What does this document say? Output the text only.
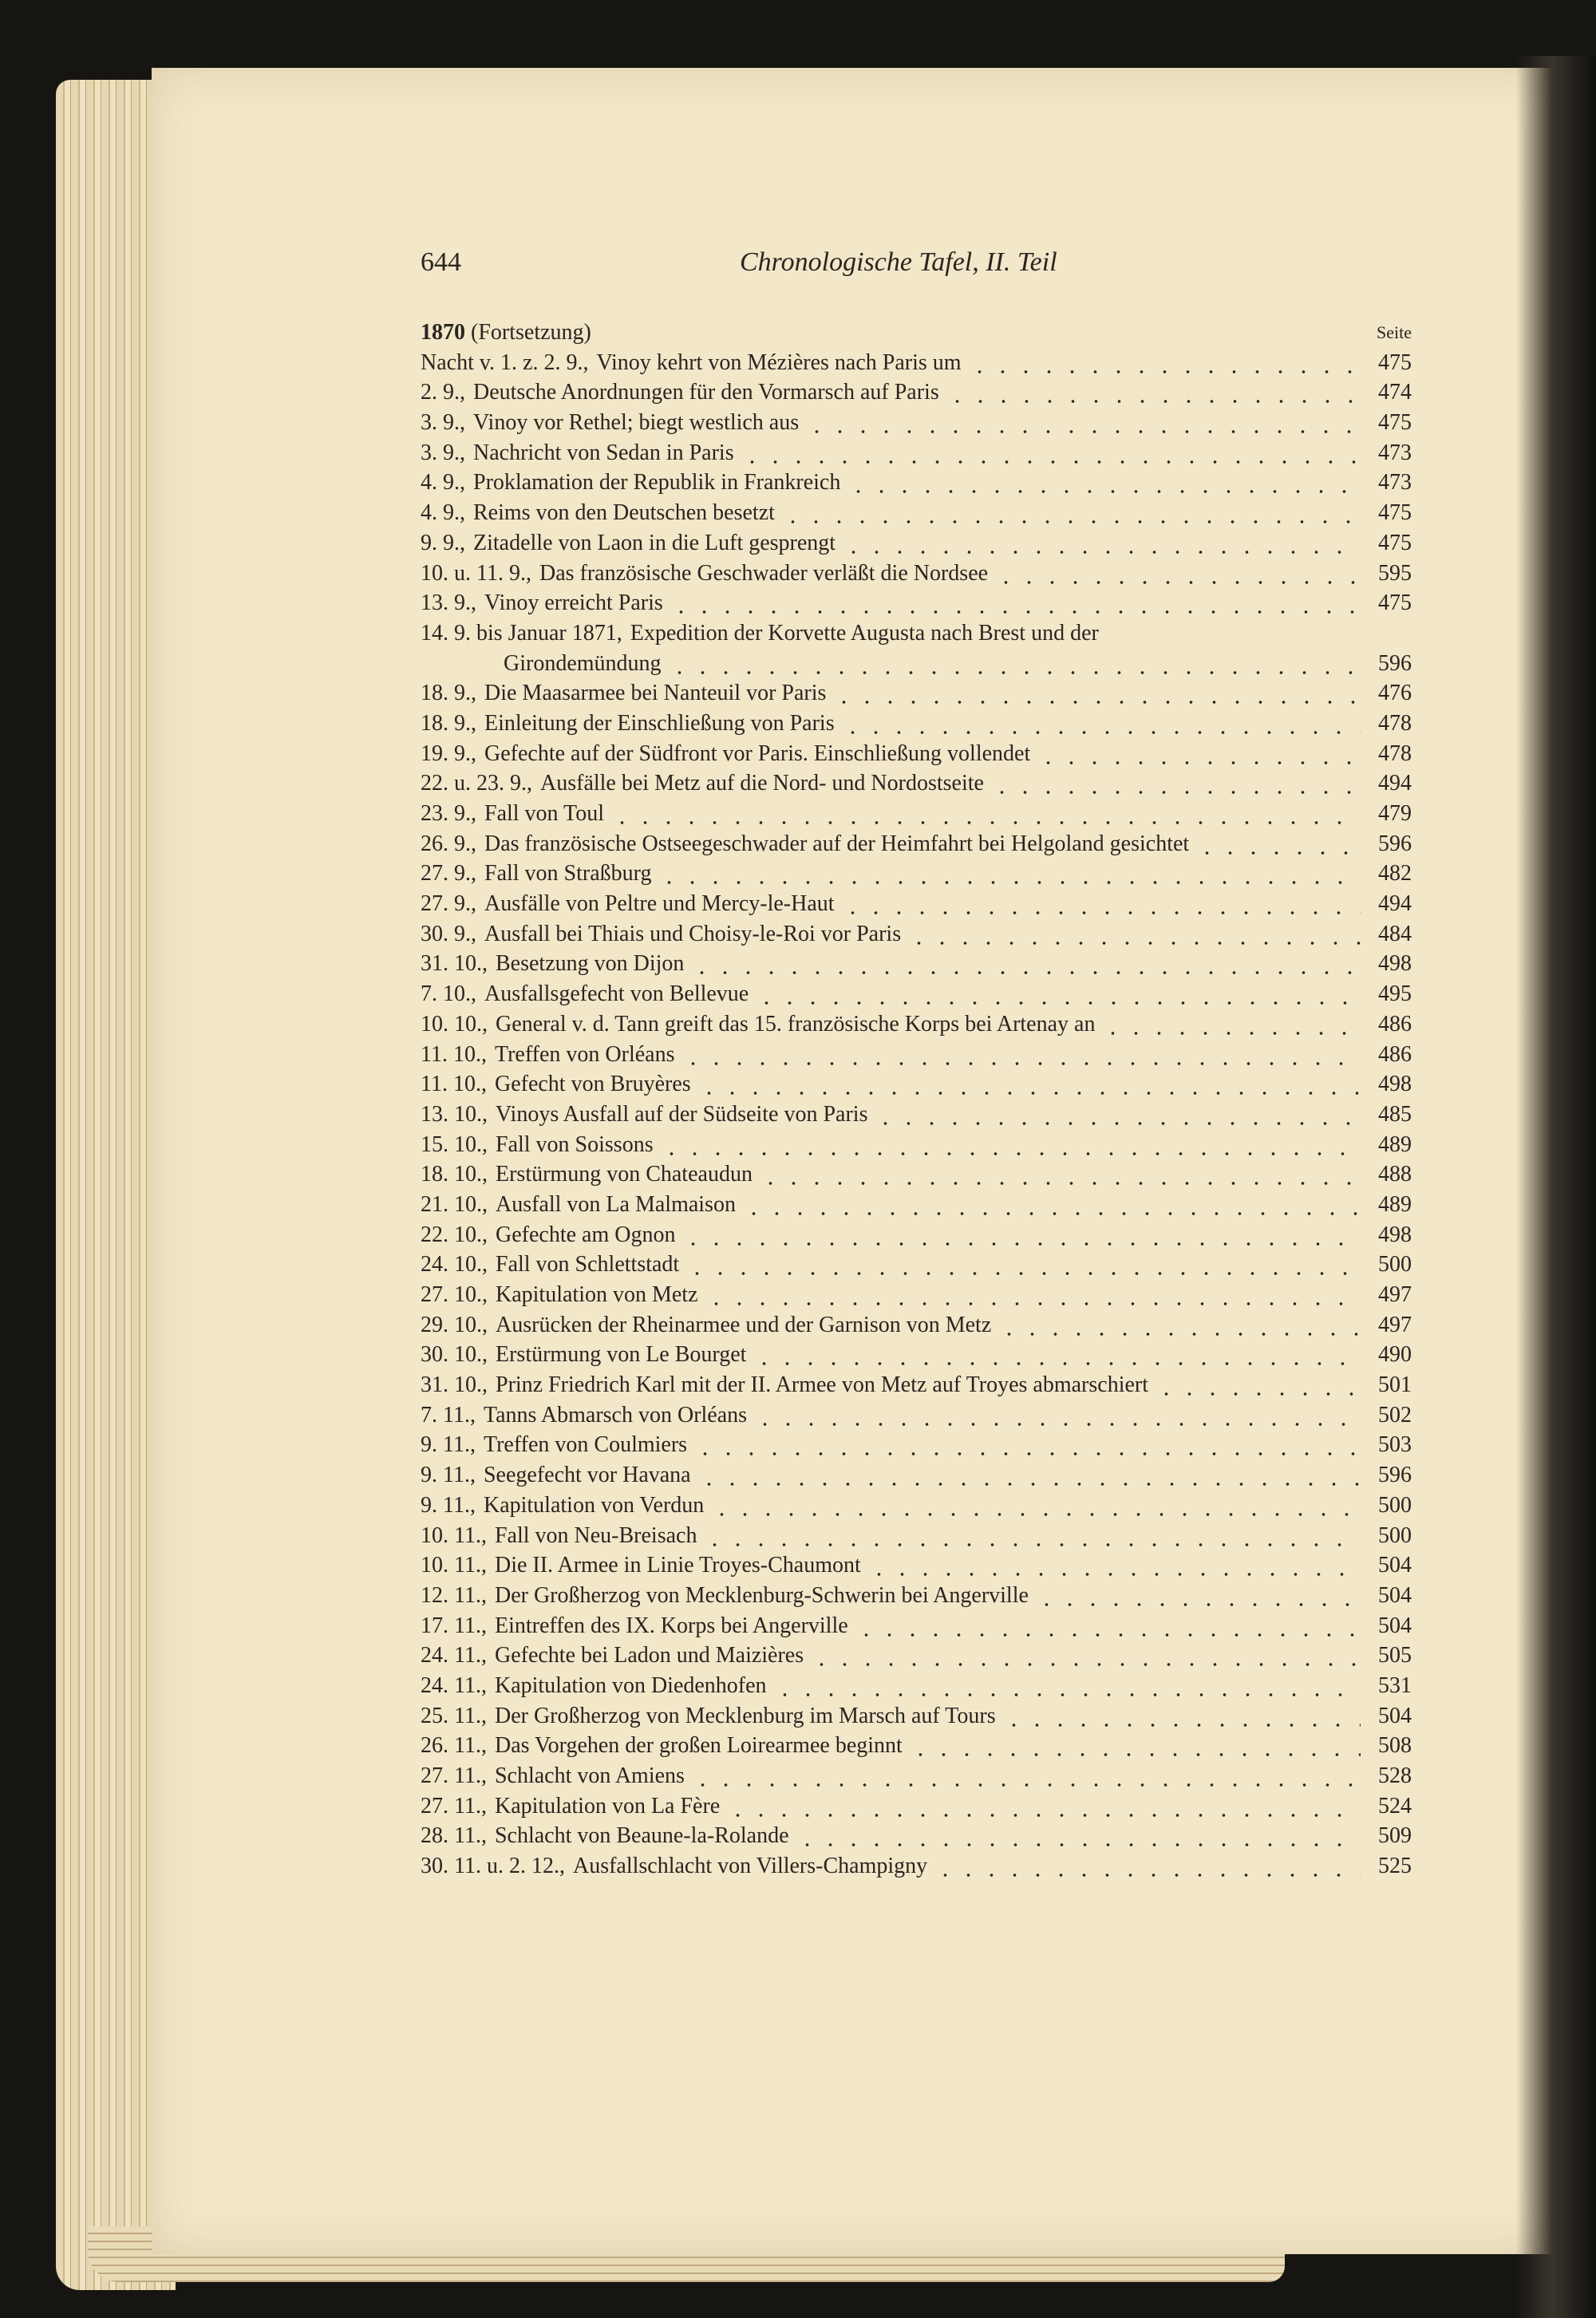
644	Chronologische Tafel, II. Teil
1870 (Fortsetzung)	Seite
Nacht v. 1. z. 2. 9., Vinoy kehrt von Mézières nach Paris um	475
2. 9., Deutsche Anordnungen für den Vormarsch auf Paris	474
3. 9., Vinoy vor Rethel; biegt westlich aus	475
3. 9., Nachricht von Sedan in Paris	473
4. 9., Proklamation der Republik in Frankreich	473
4. 9., Reims von den Deutschen besetzt	475
9. 9., Zitadelle von Laon in die Luft gesprengt	475
10. u. 11. 9., Das französische Geschwader verläßt die Nordsee	595
13. 9., Vinoy erreicht Paris	475
14. 9. bis Januar 1871, Expedition der Korvette Augusta nach Brest und der
Girondemündung	596
18. 9., Die Maasarmee bei Nanteuil vor Paris	476
18. 9., Einleitung der Einschließung von Paris	478
19. 9., Gefechte auf der Südfront vor Paris. Einschließung vollendet	478
22. u. 23. 9., Ausfälle bei Metz auf die Nord- und Nordostseite	494
23. 9., Fall von Toul	479
26. 9., Das französische Ostseegeschwader auf der Heimfahrt bei Helgoland gesichtet	596
27. 9., Fall von Straßburg	482
27. 9., Ausfälle von Peltre und Mercy-le-Haut	494
30. 9., Ausfall bei Thiais und Choisy-le-Roi vor Paris	484
31. 10., Besetzung von Dijon	498
7. 10., Ausfallsgefecht von Bellevue	495
10. 10., General v. d. Tann greift das 15. französische Korps bei Artenay an	486
11. 10., Treffen von Orléans	486
11. 10., Gefecht von Bruyères	498
13. 10., Vinoys Ausfall auf der Südseite von Paris	485
15. 10., Fall von Soissons	489
18. 10., Erstürmung von Chateaudun	488
21. 10., Ausfall von La Malmaison	489
22. 10., Gefechte am Ognon	498
24. 10., Fall von Schlettstadt	500
27. 10., Kapitulation von Metz	497
29. 10., Ausrücken der Rheinarmee und der Garnison von Metz	497
30. 10., Erstürmung von Le Bourget	490
31. 10., Prinz Friedrich Karl mit der II. Armee von Metz auf Troyes abmarschiert	501
7. 11., Tanns Abmarsch von Orléans	502
9. 11., Treffen von Coulmiers	503
9. 11., Seegefecht vor Havana	596
9. 11., Kapitulation von Verdun	500
10. 11., Fall von Neu-Breisach	500
10. 11., Die II. Armee in Linie Troyes-Chaumont	504
12. 11., Der Großherzog von Mecklenburg-Schwerin bei Angerville	504
17. 11., Eintreffen des IX. Korps bei Angerville	504
24. 11., Gefechte bei Ladon und Maizières	505
24. 11., Kapitulation von Diedenhofen	531
25. 11., Der Großherzog von Mecklenburg im Marsch auf Tours	504
26. 11., Das Vorgehen der großen Loirearmee beginnt	508
27. 11., Schlacht von Amiens	528
27. 11., Kapitulation von La Fère	524
28. 11., Schlacht von Beaune-la-Rolande	509
30. 11. u. 2. 12., Ausfallschlacht von Villers-Champigny	525
